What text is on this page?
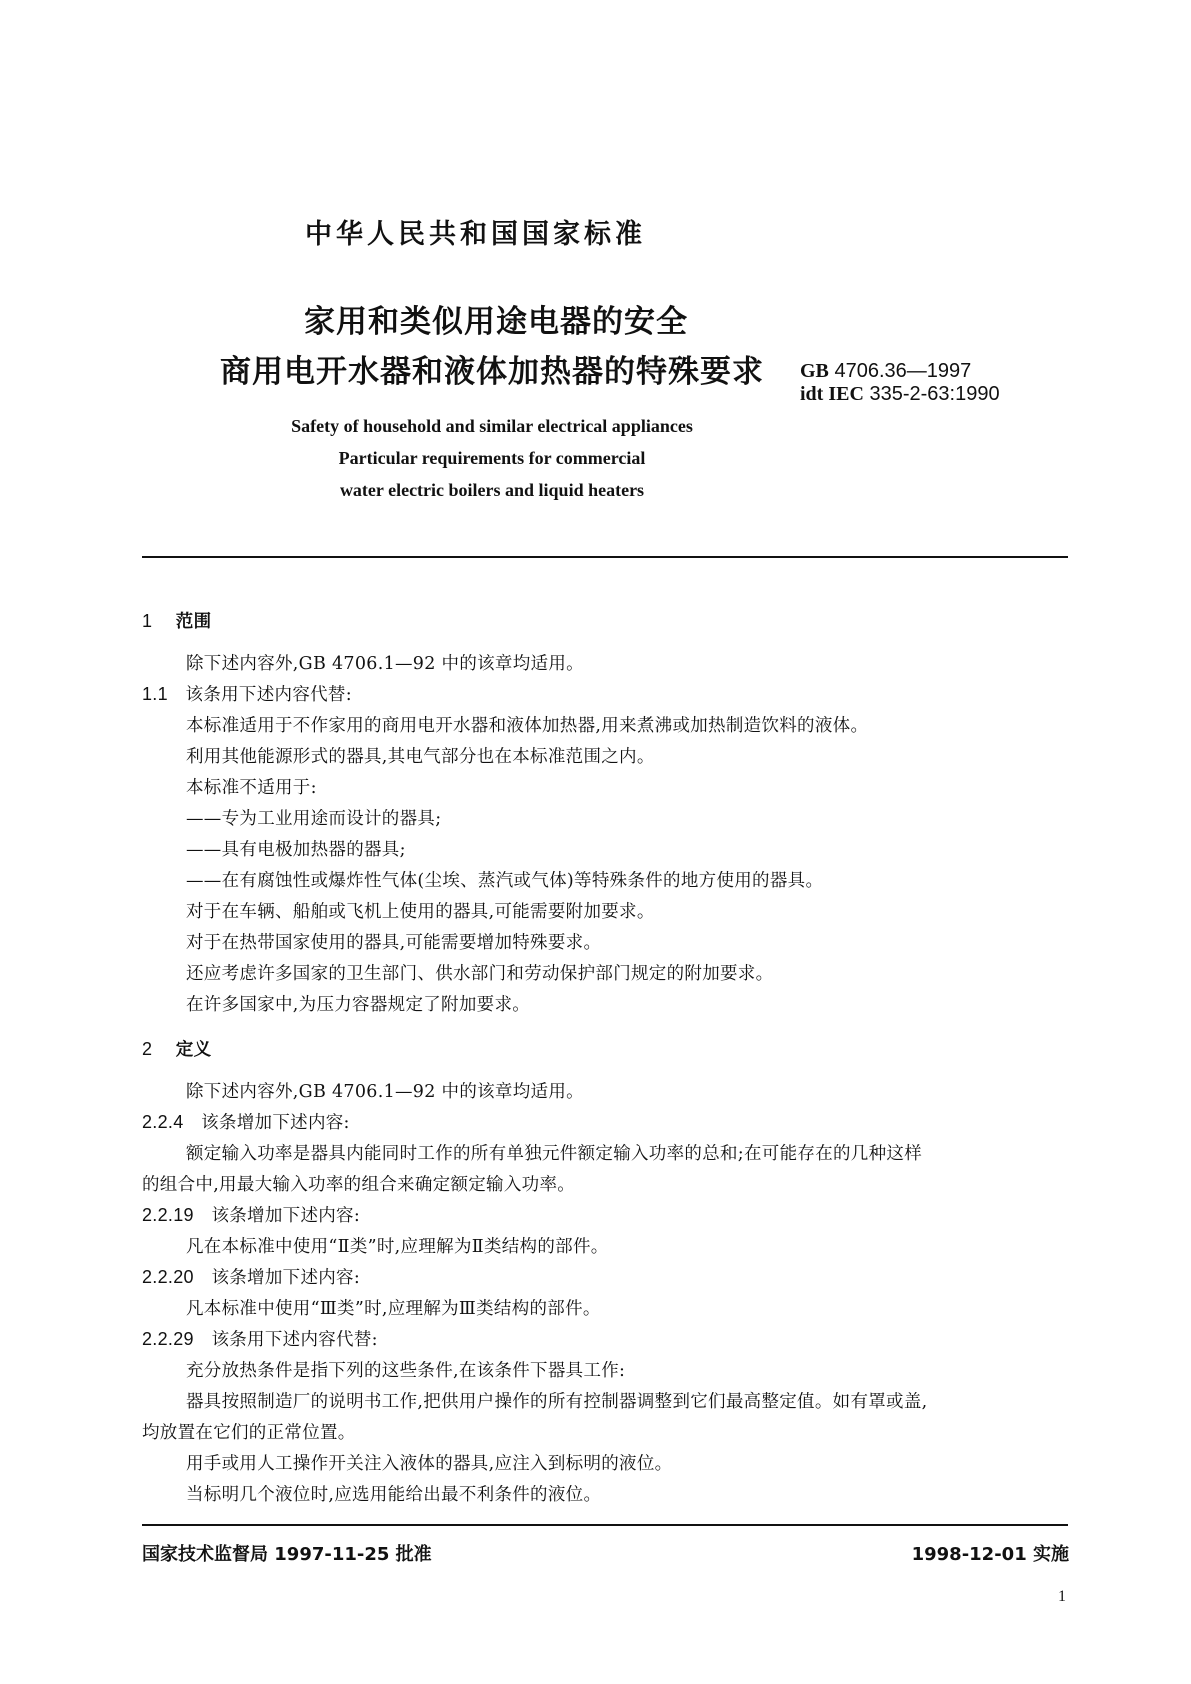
中华人民共和国国家标准
家用和类似用途电器的安全
商用电开水器和液体加热器的特殊要求 GB 4706.36—1997
idt IEC 335-2-63:1990
Safety of household and similar electrical appliances
Particular requirements for commercial
water electric boilers and liquid heaters
1 范围
除下述内容外,GB 4706.1—92 中的该章均适用。
1.1 该条用下述内容代替:
本标准适用于不作家用的商用电开水器和液体加热器,用来煮沸或加热制造饮料的液体。
利用其他能源形式的器具,其电气部分也在本标准范围之内。
本标准不适用于:
——专为工业用途而设计的器具;
——具有电极加热器的器具;
——在有腐蚀性或爆炸性气体(尘埃、蒸汽或气体)等特殊条件的地方使用的器具。
对于在车辆、船舶或飞机上使用的器具,可能需要附加要求。
对于在热带国家使用的器具,可能需要增加特殊要求。
还应考虑许多国家的卫生部门、供水部门和劳动保护部门规定的附加要求。
在许多国家中,为压力容器规定了附加要求。
2 定义
除下述内容外,GB 4706.1—92 中的该章均适用。
2.2.4 该条增加下述内容:
额定输入功率是器具内能同时工作的所有单独元件额定输入功率的总和;在可能存在的几种这样
的组合中,用最大输入功率的组合来确定额定输入功率。
2.2.19 该条增加下述内容:
凡在本标准中使用“Ⅱ类”时,应理解为Ⅱ类结构的部件。
2.2.20 该条增加下述内容:
凡本标准中使用“Ⅲ类”时,应理解为Ⅲ类结构的部件。
2.2.29 该条用下述内容代替:
充分放热条件是指下列的这些条件,在该条件下器具工作:
器具按照制造厂的说明书工作,把供用户操作的所有控制器调整到它们最高整定值。如有罩或盖,
均放置在它们的正常位置。
用手或用人工操作开关注入液体的器具,应注入到标明的液位。
当标明几个液位时,应选用能给出最不利条件的液位。
国家技术监督局 1997-11-25 批准	1998-12-01 实施
1
